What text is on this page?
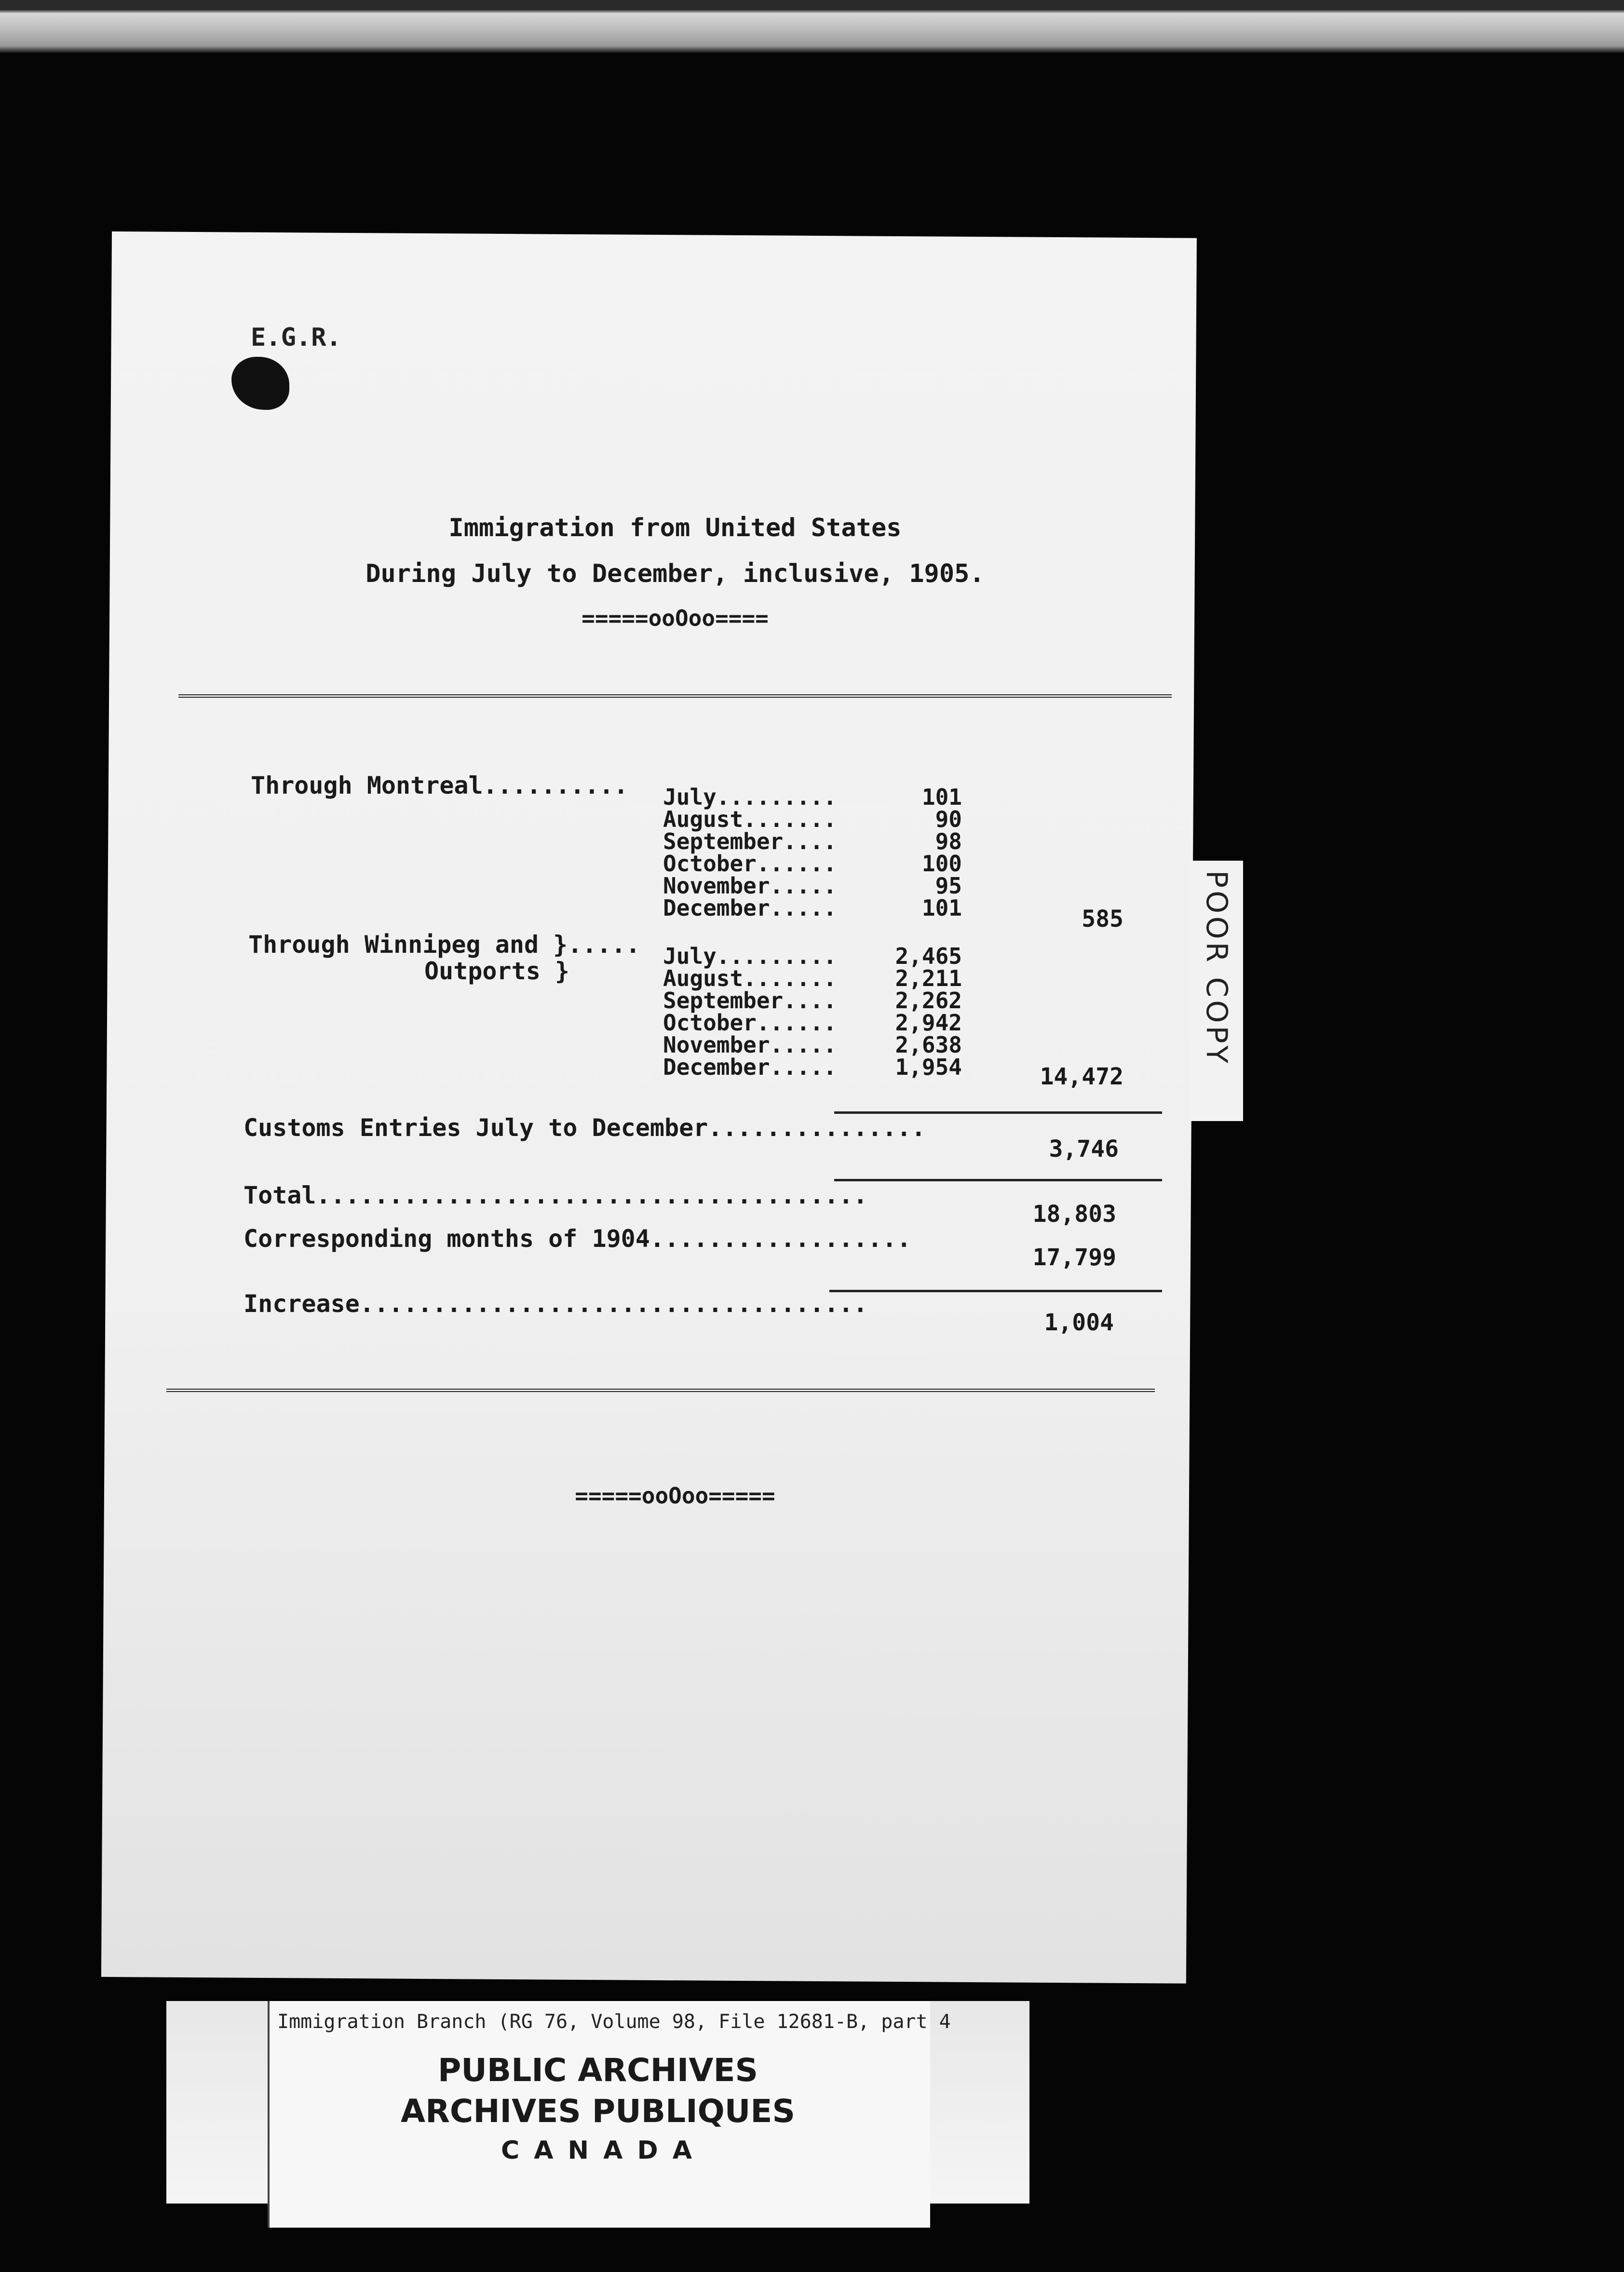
E.G.R.
Immigration from United States
During July to December, inclusive, 1905.
=====ooOoo====
Through Montreal.......... July.........
August.......
September....
October......
November.....
December.....
101
90
98
100
95
101	585
Through Winnipeg and }.....
Outports }
July.........
August.......
September....
October......
November.....
December.....
2,465
2,211
2,262
2,942
2,638
1,954	14,472
Customs Entries July to December...............
3,746
Total......................................
18,803
Corresponding months of 1904..................
17,799
Increase...................................
1,004
=====ooOoo=====
POOR COPY
Immigration Branch (RG 76, Volume 98, File 12681-B, part 4
PUBLIC ARCHIVES
ARCHIVES PUBLIQUES
C A N A D A
